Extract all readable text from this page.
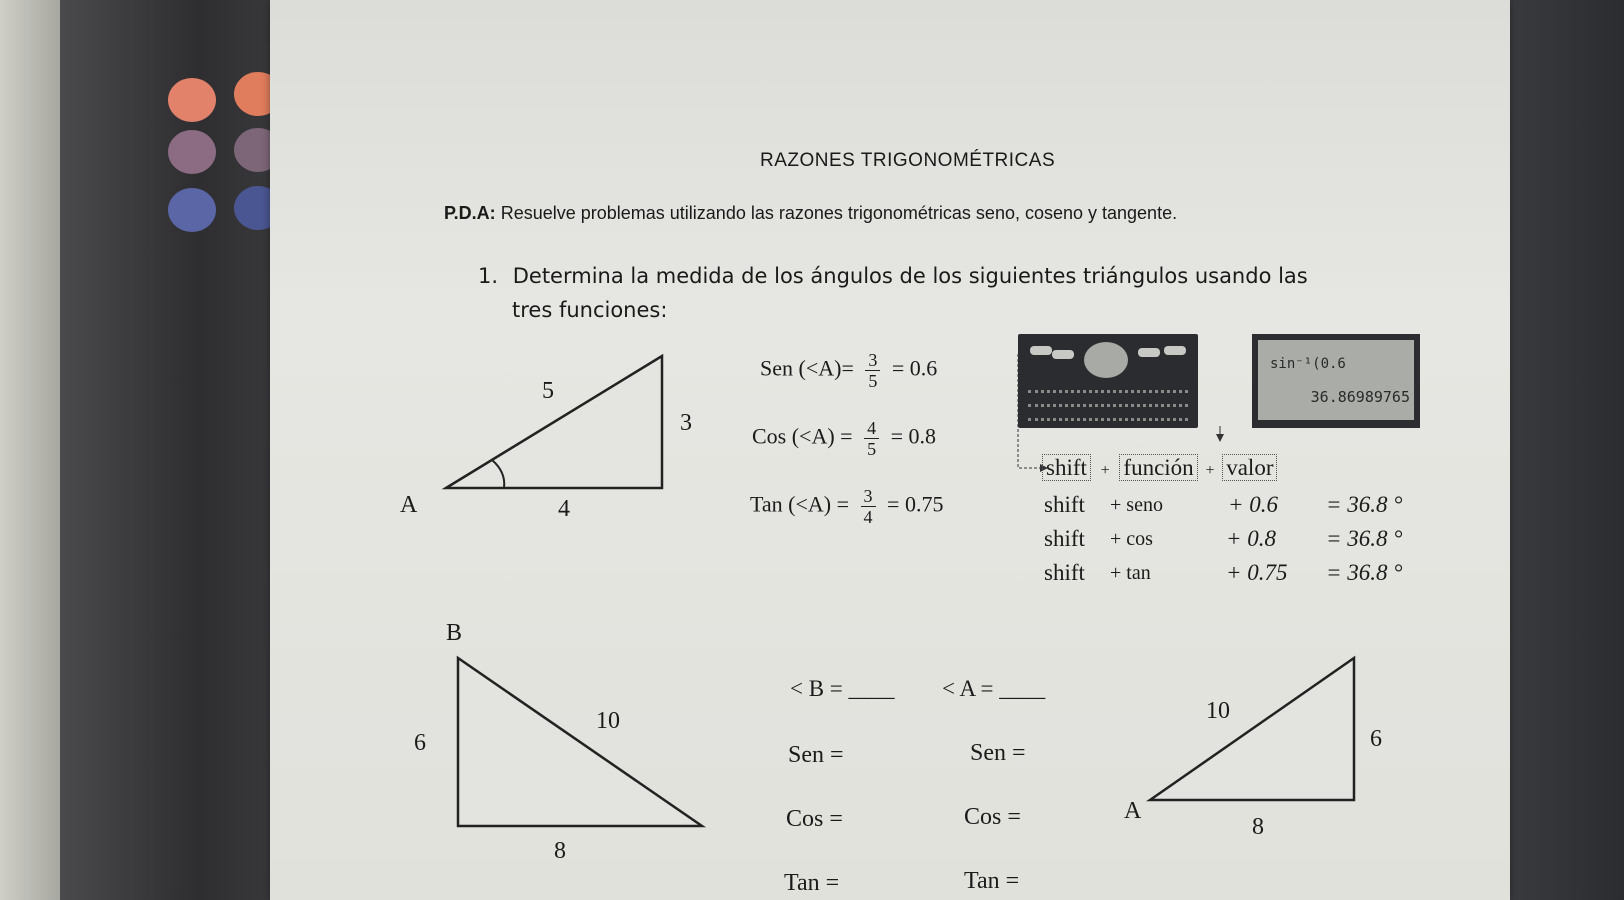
RAZONES TRIGONOMÉTRICAS
P.D.A: Resuelve problemas utilizando las razones trigonométricas seno, coseno y tangente.
1. Determina la medida de los ángulos de los siguientes triángulos usando las
tres funciones:
5
3
4
A
Sen $(<A)= \frac{3}{5} = 0.6$
Cos $(<A) = \frac{4}{5} = 0.8$
Tan $(<A) = \frac{3}{4} = 0.75$
sin⁻¹(0.6
36.86989765
shift + función + valor
shift + seno	+ 0.6 = 36.8 °
shift + cos	+ 0.8 = 36.8 °
shift + tan	+ 0.75 = 36.8 °
B
6
10
8
10
6
8
A
< B = ____ < A = ____
Sen =	Sen =
Cos =	Cos =
Tan =	Tan =
